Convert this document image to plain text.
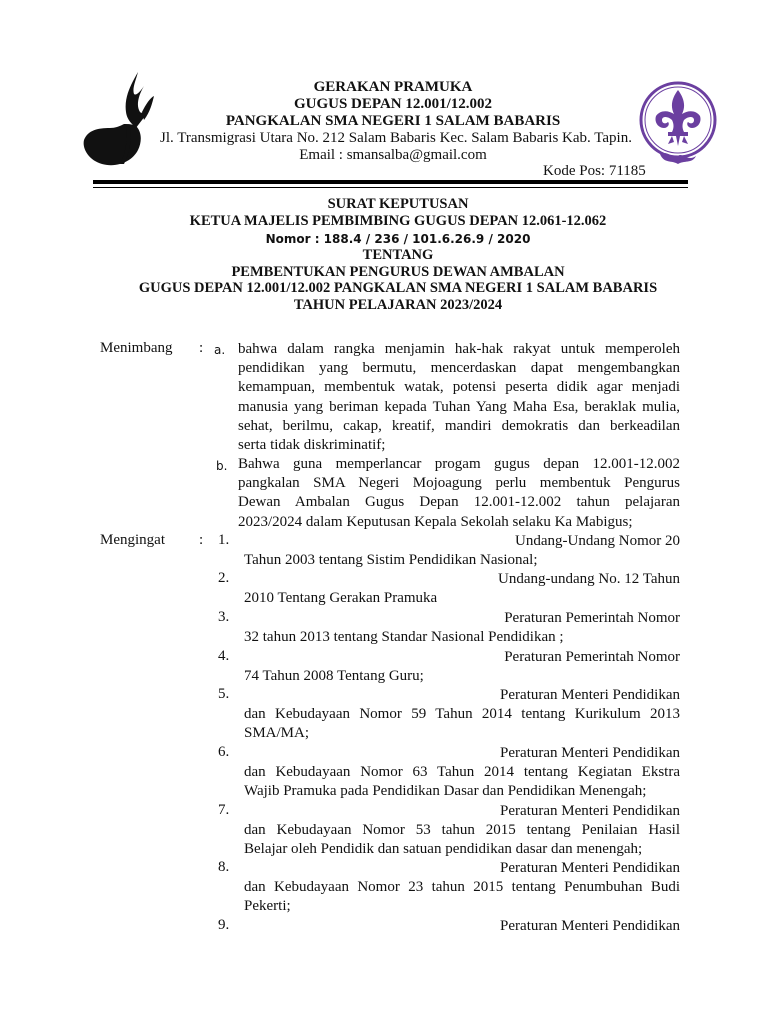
GERAKAN PRAMUKA
GUGUS DEPAN 12.001/12.002
PANGKALAN SMA NEGERI 1 SALAM BABARIS
Jl. Transmigrasi Utara No. 212 Salam Babaris Kec. Salam Babaris Kab. Tapin.
Email : smansalba@gmail.com
Kode Pos: 71185
SURAT KEPUTUSAN
KETUA MAJELIS PEMBIMBING GUGUS DEPAN 12.061-12.062
Nomor : 188.4 / 236 / 101.6.26.9 / 2020
TENTANG
PEMBENTUKAN PENGURUS DEWAN AMBALAN
GUGUS DEPAN 12.001/12.002 PANGKALAN SMA NEGERI 1 SALAM BABARIS
TAHUN PELAJARAN 2023/2024
Menimbang : a. bahwa dalam rangka menjamin hak-hak rakyat untuk memperoleh
pendidikan yang bermutu, mencerdaskan dapat mengembangkan
kemampuan, membentuk watak, potensi peserta didik agar menjadi
manusia yang beriman kepada Tuhan Yang Maha Esa, beraklak mulia,
sehat, berilmu, cakap, kreatif, mandiri demokratis dan berkeadilan
serta tidak diskriminatif;
b. Bahwa guna memperlancar progam gugus depan 12.001-12.002
pangkalan SMA Negeri Mojoagung perlu membentuk Pengurus
Dewan Ambalan Gugus Depan 12.001-12.002 tahun pelajaran
2023/2024 dalam Keputusan Kepala Sekolah selaku Ka Mabigus;
Mengingat : 1.	Undang-Undang Nomor 20
Tahun 2003 tentang Sistim Pendidikan Nasional;
2.	Undang-undang No. 12 Tahun
2010 Tentang Gerakan Pramuka
3.	Peraturan Pemerintah Nomor
32 tahun 2013 tentang Standar Nasional Pendidikan ;
4.	Peraturan Pemerintah Nomor
74 Tahun 2008 Tentang Guru;
5.	Peraturan Menteri Pendidikan
dan Kebudayaan Nomor 59 Tahun 2014 tentang Kurikulum 2013
SMA/MA;
6.	Peraturan Menteri Pendidikan
dan Kebudayaan Nomor 63 Tahun 2014 tentang Kegiatan Ekstra
Wajib Pramuka pada Pendidikan Dasar dan Pendidikan Menengah;
7.	Peraturan Menteri Pendidikan
dan Kebudayaan Nomor 53 tahun 2015 tentang Penilaian Hasil
Belajar oleh Pendidik dan satuan pendidikan dasar dan menengah;
8.	Peraturan Menteri Pendidikan
dan Kebudayaan Nomor 23 tahun 2015 tentang Penumbuhan Budi
Pekerti;
9.	Peraturan Menteri Pendidikan
